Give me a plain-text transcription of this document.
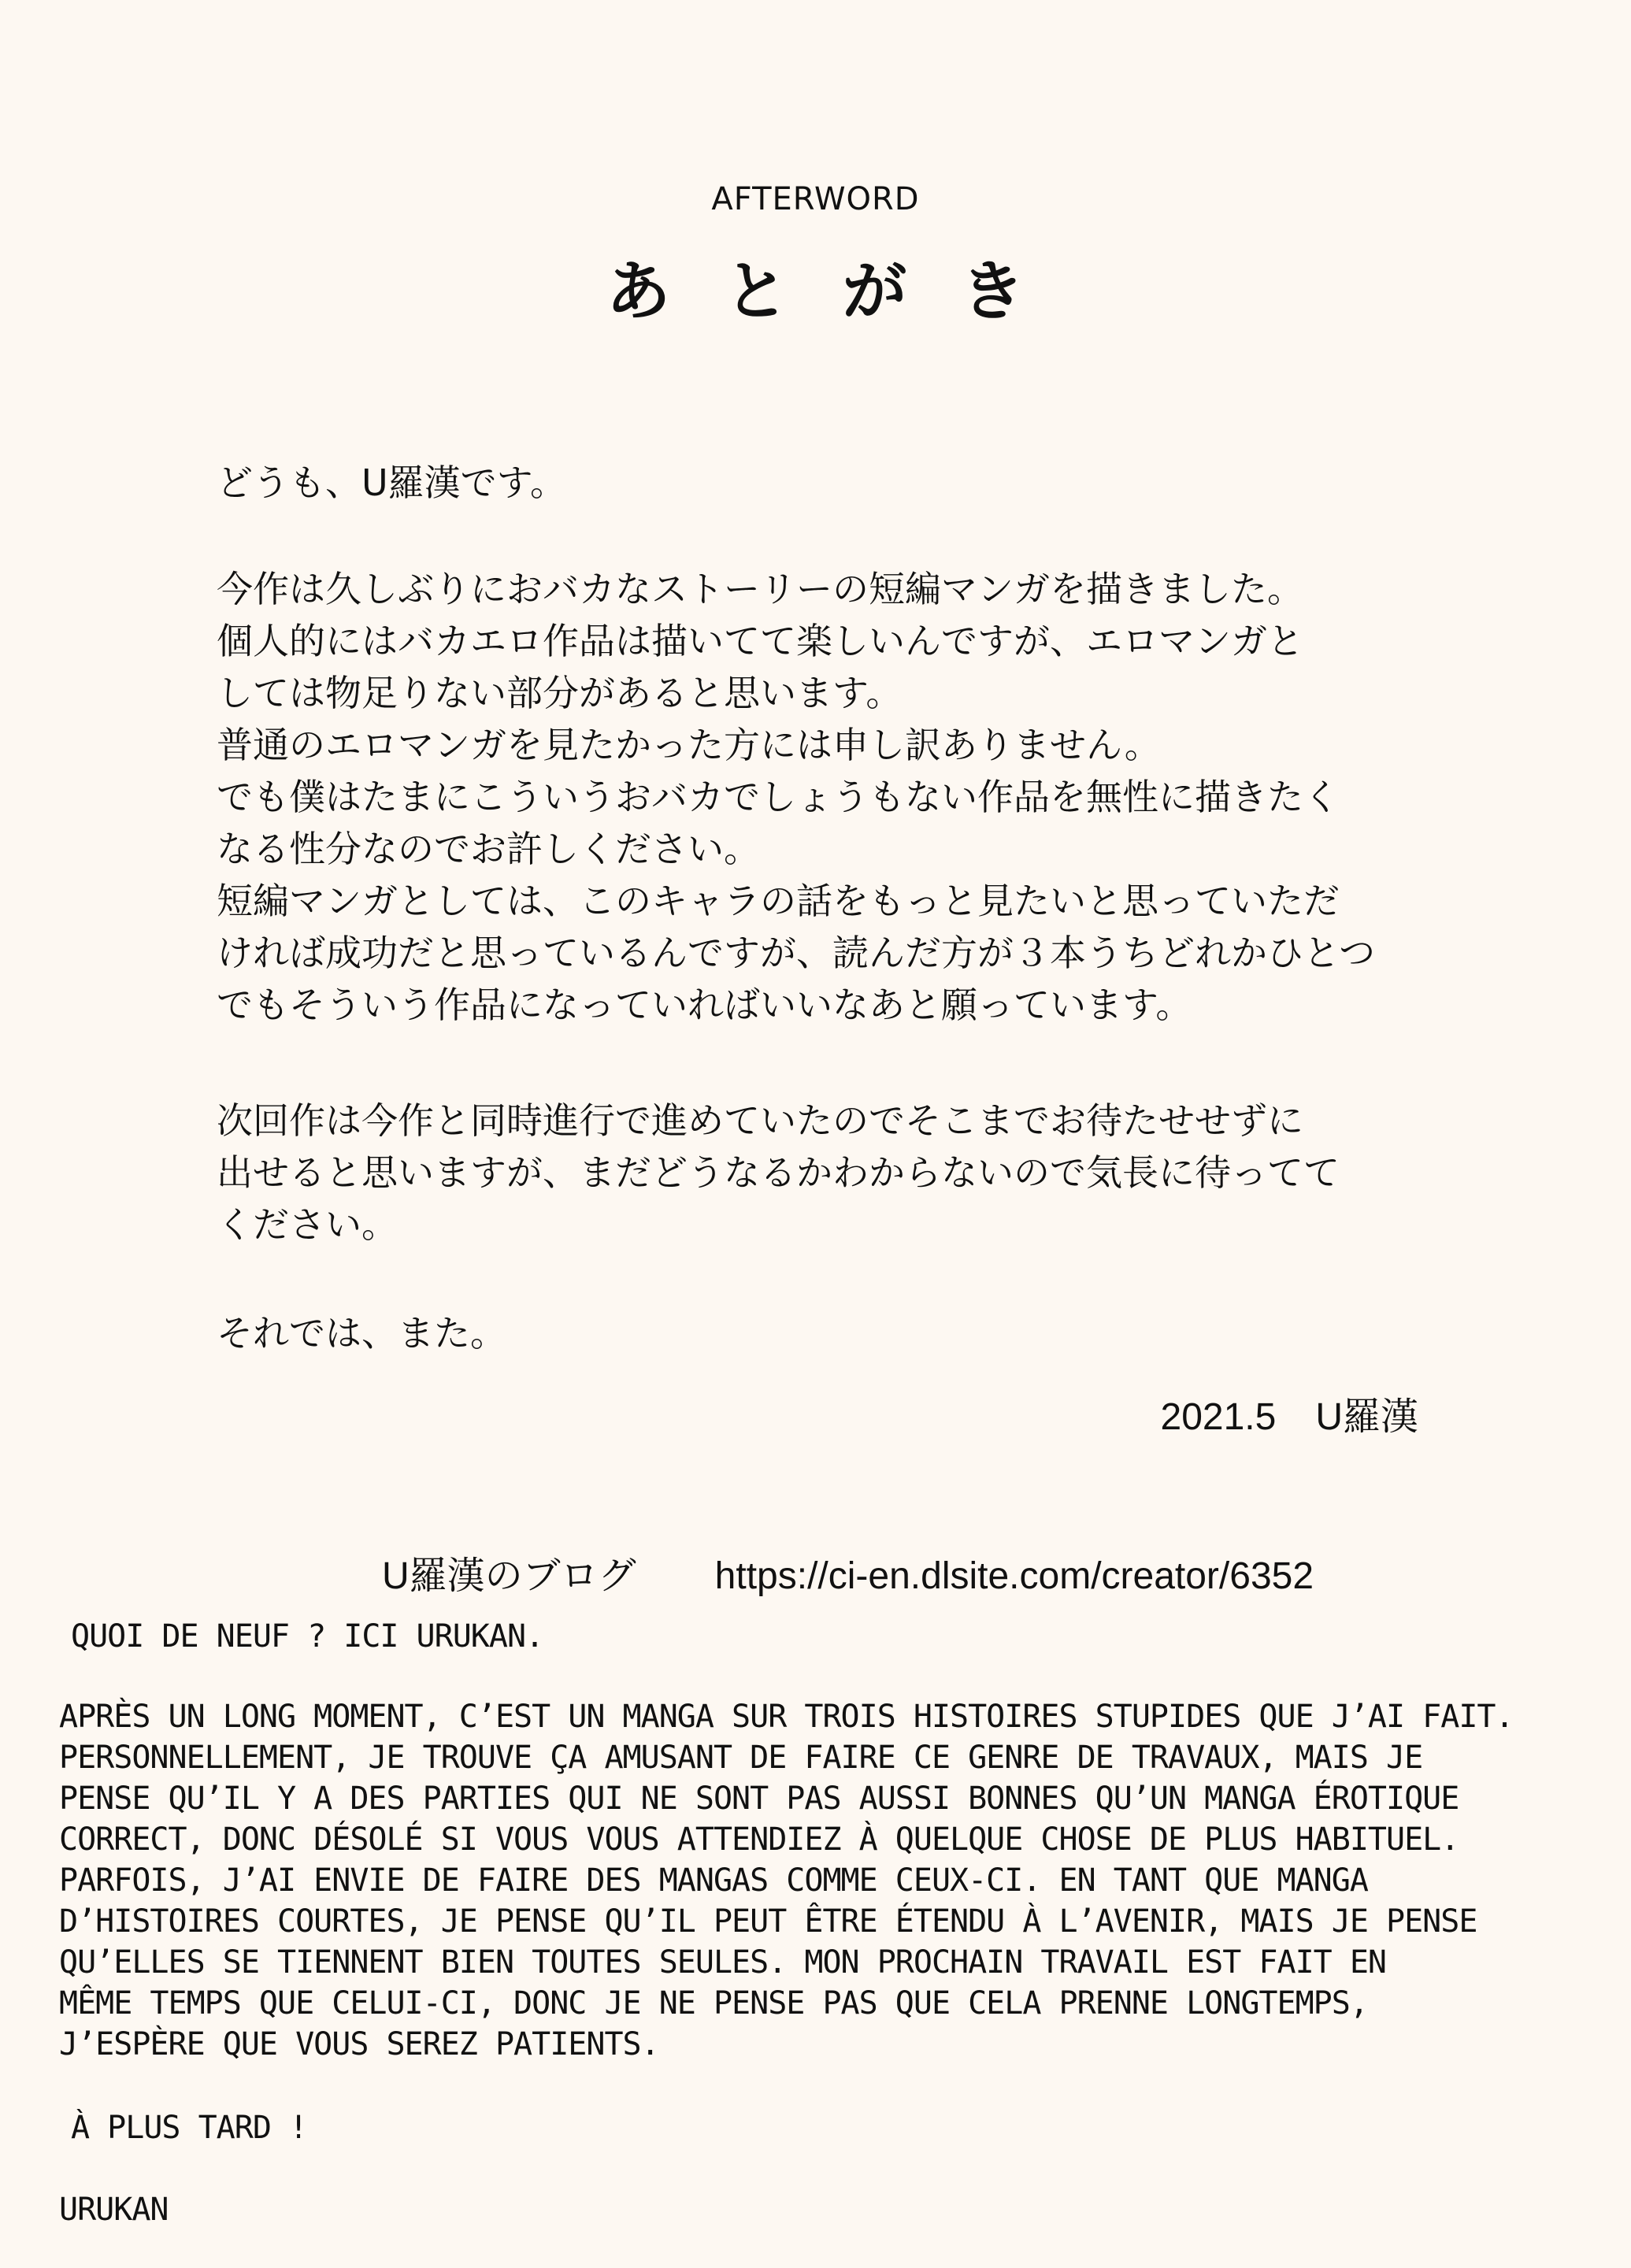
AFTERWORD
あとがき
どうも、U羅漢です。
今作は久しぶりにおバカなストーリーの短編マンガを描きました。
個人的にはバカエロ作品は描いてて楽しいんですが、エロマンガと
しては物足りない部分があると思います。
普通のエロマンガを見たかった方には申し訳ありません。
でも僕はたまにこういうおバカでしょうもない作品を無性に描きたく
なる性分なのでお許しください。
短編マンガとしては、このキャラの話をもっと見たいと思っていただ
ければ成功だと思っているんですが、読んだ方が３本うちどれかひとつ
でもそういう作品になっていればいいなあと願っています。
次回作は今作と同時進行で進めていたのでそこまでお待たせせずに
出せると思いますが、まだどうなるかわからないので気長に待ってて
ください。
それでは、また。
2021.5 U羅漢
U羅漢のブログ https://ci-en.dlsite.com/creator/6352
QUOI DE NEUF ? ICI URUKAN.
APRÈS UN LONG MOMENT, C’EST UN MANGA SUR TROIS HISTOIRES STUPIDES QUE J’AI FAIT.
PERSONNELLEMENT, JE TROUVE ÇA AMUSANT DE FAIRE CE GENRE DE TRAVAUX, MAIS JE
PENSE QU’IL Y A DES PARTIES QUI NE SONT PAS AUSSI BONNES QU’UN MANGA ÉROTIQUE
CORRECT, DONC DÉSOLÉ SI VOUS VOUS ATTENDIEZ À QUELQUE CHOSE DE PLUS HABITUEL.
PARFOIS, J’AI ENVIE DE FAIRE DES MANGAS COMME CEUX-CI. EN TANT QUE MANGA
D’HISTOIRES COURTES, JE PENSE QU’IL PEUT ÊTRE ÉTENDU À L’AVENIR, MAIS JE PENSE
QU’ELLES SE TIENNENT BIEN TOUTES SEULES. MON PROCHAIN TRAVAIL EST FAIT EN
MÊME TEMPS QUE CELUI-CI, DONC JE NE PENSE PAS QUE CELA PRENNE LONGTEMPS,
J’ESPÈRE QUE VOUS SEREZ PATIENTS.
À PLUS TARD !
URUKAN
